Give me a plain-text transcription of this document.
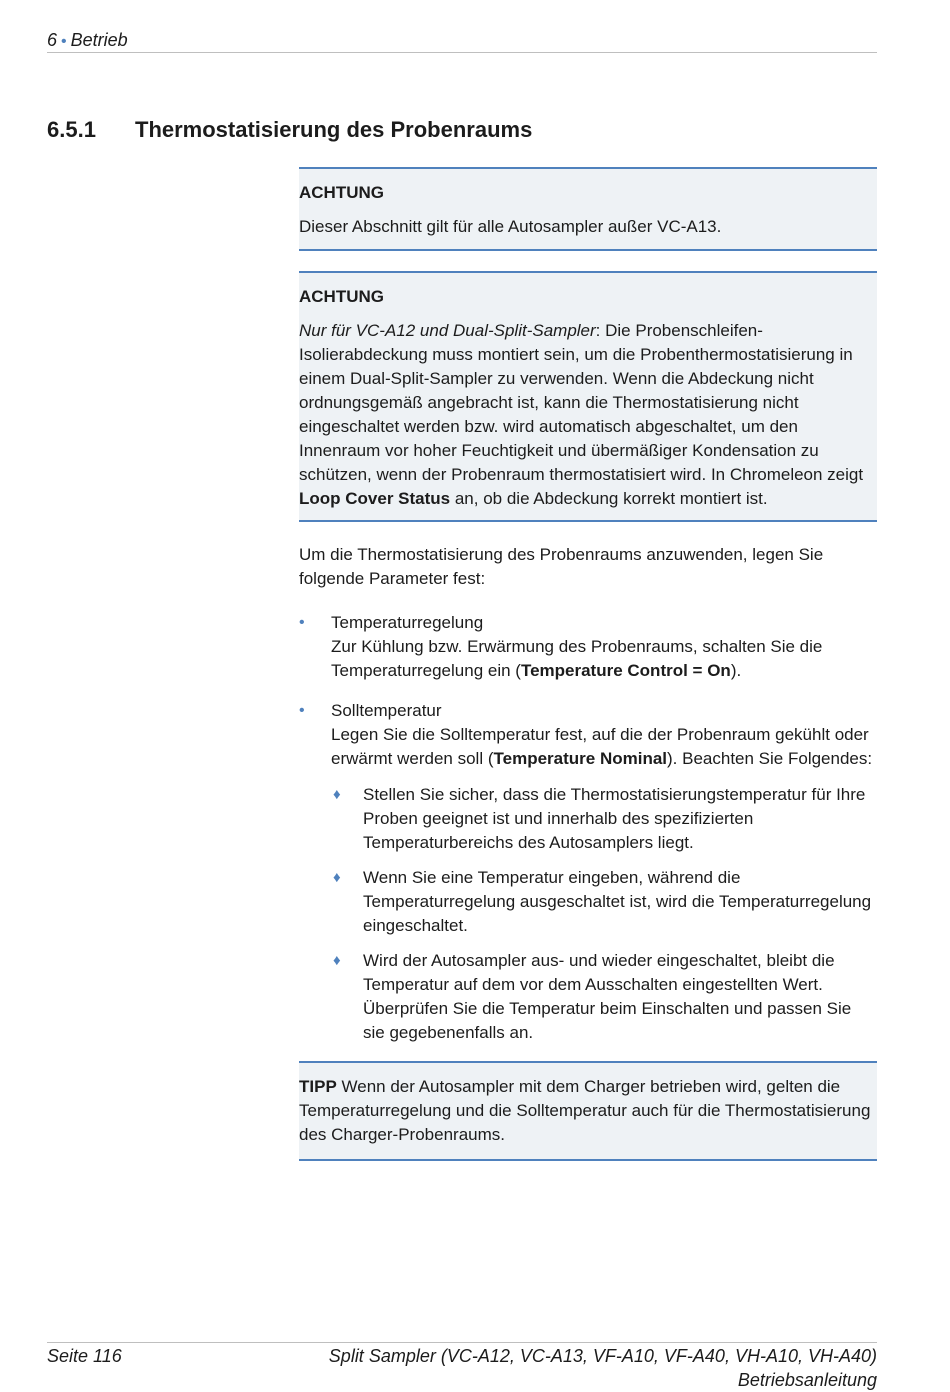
6 • Betrieb
6.5.1 Thermostatisierung des Probenraums

ACHTUNG

Dieser Abschnitt gilt für alle Autosampler außer VC-A13.

ACHTUNG

Nur für VC-A12 und Dual-Split-Sampler: Die Probenschleifen-Isolierabdeckung muss montiert sein, um die Probenthermostatisierung in einem Dual-Split-Sampler zu verwenden. Wenn die Abdeckung nicht ordnungsgemäß angebracht ist, kann die Thermostatisierung nicht eingeschaltet werden bzw. wird automatisch abgeschaltet, um den Innenraum vor hoher Feuchtigkeit und übermäßiger Kondensation zu schützen, wenn der Probenraum thermostatisiert wird. In Chromeleon zeigt Loop Cover Status an, ob die Abdeckung korrekt montiert ist.

Um die Thermostatisierung des Probenraums anzuwenden, legen Sie folgende Parameter fest:

• Temperaturregelung

Zur Kühlung bzw. Erwärmung des Probenraums, schalten Sie die Temperaturregelung ein (Temperature Control = On).

• Solltemperatur

Legen Sie die Solltemperatur fest, auf die der Probenraum gekühlt oder erwärmt werden soll (Temperature Nominal). Beachten Sie Folgendes:

♦ Stellen Sie sicher, dass die Thermostatisierungstemperatur für Ihre Proben geeignet ist und innerhalb des spezifizierten Temperaturbereichs des Autosamplers liegt.
♦ Wenn Sie eine Temperatur eingeben, während die Temperaturregelung ausgeschaltet ist, wird die Temperaturregelung eingeschaltet.
♦ Wird der Autosampler aus- und wieder eingeschaltet, bleibt die Temperatur auf dem vor dem Ausschalten eingestellten Wert. Überprüfen Sie die Temperatur beim Einschalten und passen Sie sie gegebenenfalls an.

TIPP Wenn der Autosampler mit dem Charger betrieben wird, gelten die Temperaturregelung und die Solltemperatur auch für die Thermostatisierung des Charger-Probenraums.

Seite 116	Split Sampler (VC-A12, VC-A13, VF-A10, VF-A40, VH-A10, VH-A40)
Betriebsanleitung
